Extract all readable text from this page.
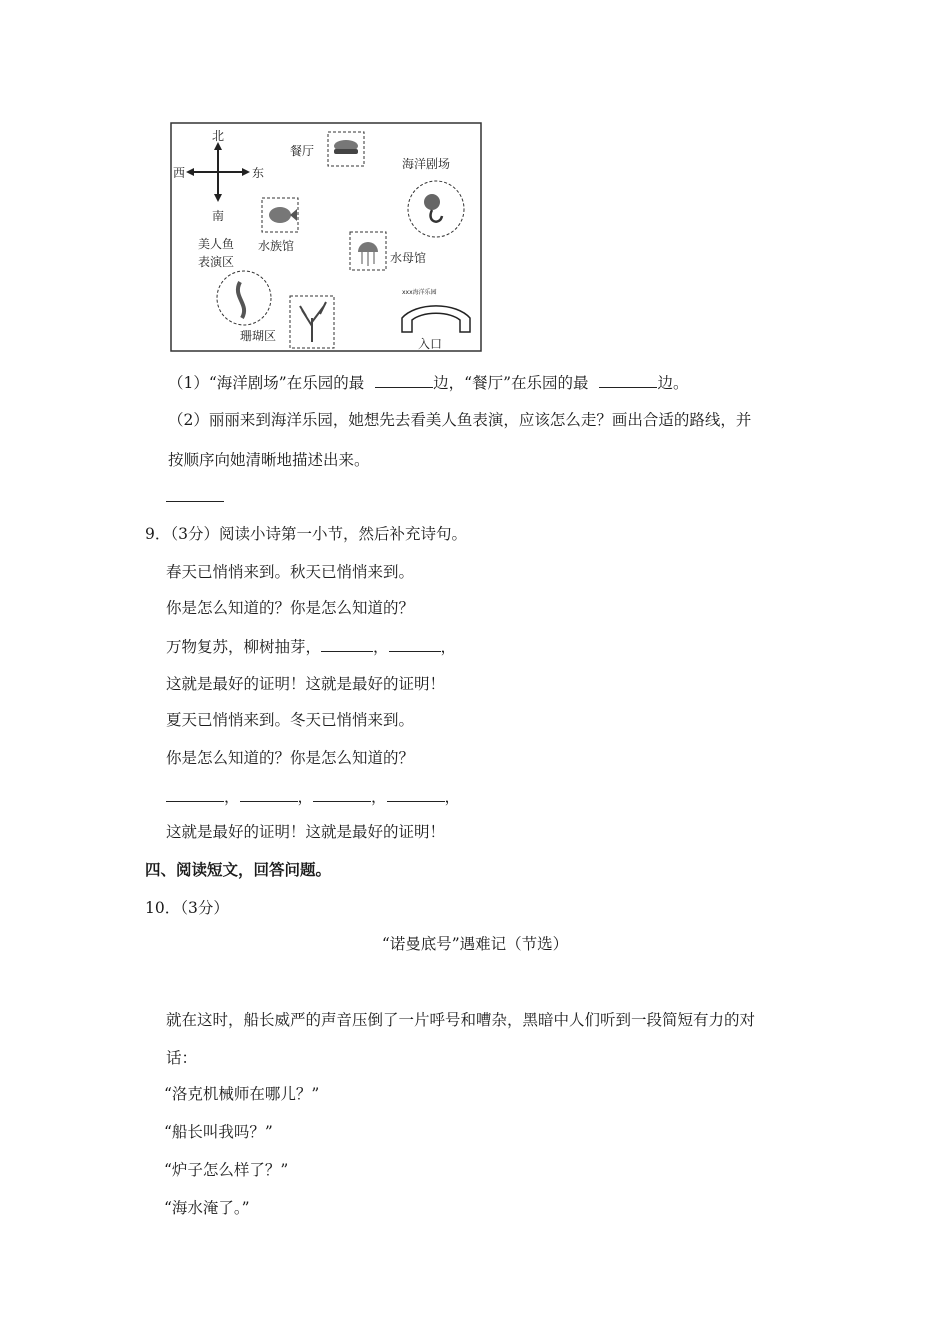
北
南
西	东
餐厅
海洋剧场
水族馆
美人鱼
表演区	水母馆
珊瑚区
xxx海洋乐园
入口
（1）“海洋剧场”在乐园的最	边，“餐厅”在乐园的最	边。
（2）丽丽来到海洋乐园，她想先去看美人鱼表演，应该怎么走？画出合适的路线，并
按顺序向她清晰地描述出来。
9．（3分）阅读小诗第一小节，然后补充诗句。
春天已悄悄来到。秋天已悄悄来到。
你是怎么知道的？你是怎么知道的？
万物复苏，柳树抽芽，	，	，
这就是最好的证明！这就是最好的证明！
夏天已悄悄来到。冬天已悄悄来到。
你是怎么知道的？你是怎么知道的？
，	，	，	，
这就是最好的证明！这就是最好的证明！
四、阅读短文，回答问题。
10．（3分）
“诺曼底号”遇难记（节选）
就在这时，船长威严的声音压倒了一片呼号和嘈杂，黑暗中人们听到一段简短有力的对
话：
“洛克机械师在哪儿？”
“船长叫我吗？”
“炉子怎么样了？”
“海水淹了。”
